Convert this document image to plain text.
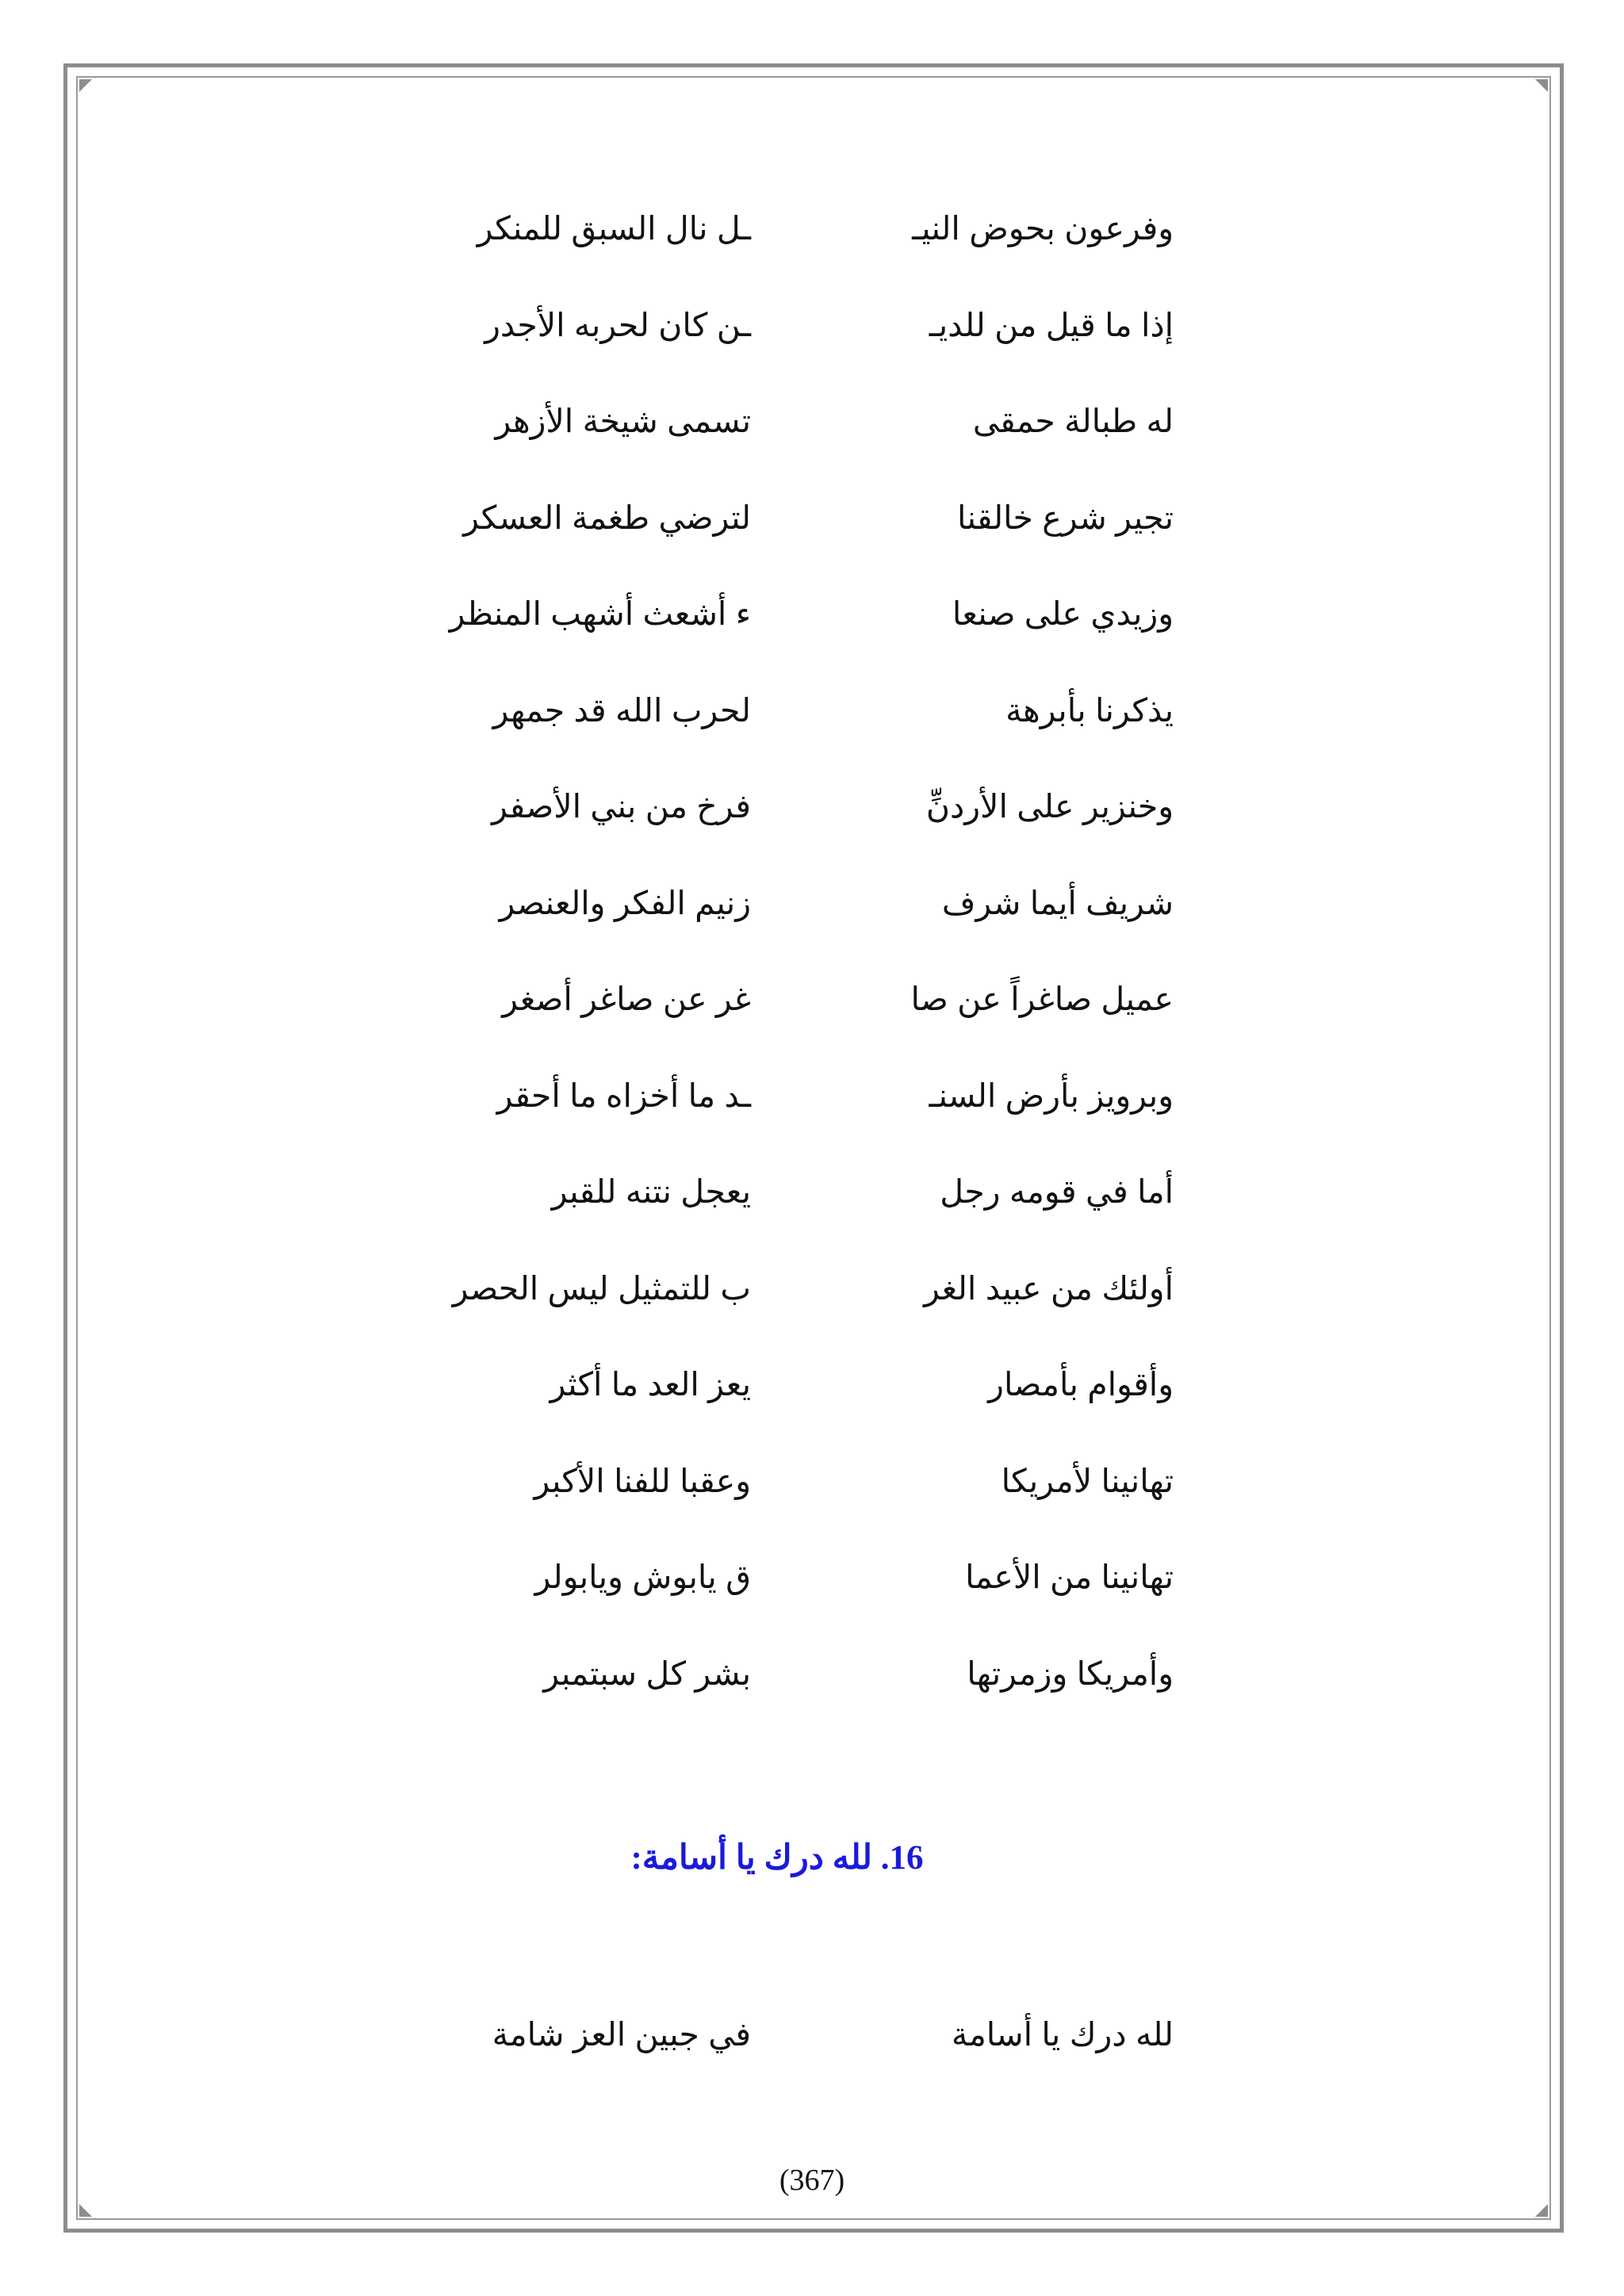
وفرعون بحوض النيـ
ـل نال السبق للمنكر
إذا ما قيل من للديـ
ـن كان لحربه الأجدر
له طبالة حمقى
تسمى شيخة الأزهر
تجير شرع خالقنا
لترضي طغمة العسكر
وزيدي على صنعا
ء أشعث أشهب المنظر
يذكرنا بأبرهة
لحرب الله قد جمهر
وخنزير على الأردنِّ
فرخ من بني الأصفر
شريف أيما شرف
زنيم الفكر والعنصر
عميل صاغراً عن صا
غر عن صاغر أصغر
وبرويز بأرض السنـ
ـد ما أخزاه ما أحقر
أما في قومه رجل
يعجل نتنه للقبر
أولئك من عبيد الغر
ب للتمثيل ليس الحصر
وأقوام بأمصار
يعز العد ما أكثر
تهانينا لأمريكا
وعقبا للفنا الأكبر
تهانينا من الأعما
ق يابوش ويابولر
وأمريكا وزمرتها
بشر كل سبتمبر
16. لله درك يا أسامة:
لله درك يا أسامة
في جبين العز شامة
(367)
